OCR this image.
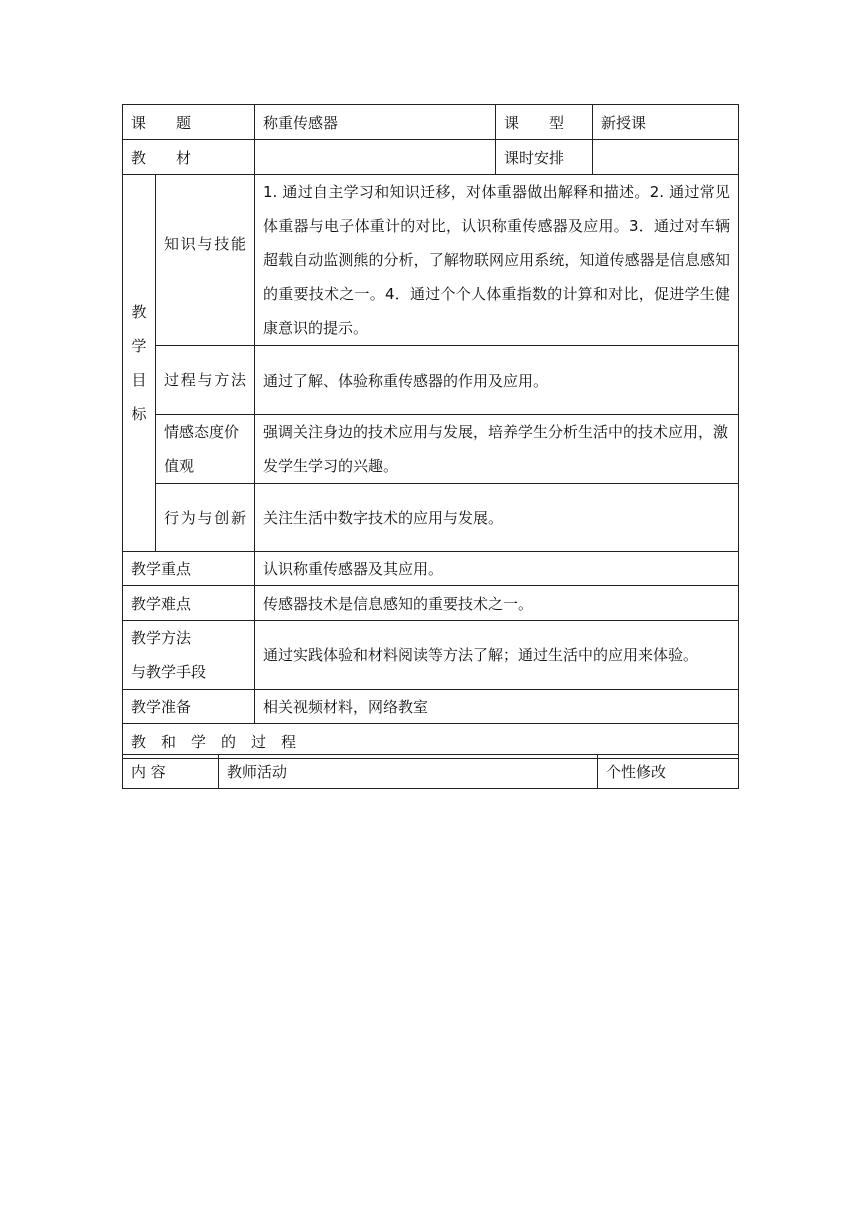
课　　题		称重传感器	课　　型	新授课
教　　材			课时安排	

教
学
目
标	知识与技能	1. 通过自主学习和知识迁移，对体重器做出解释和描述。2. 通过常见体重器与电子体重计的对比，认识称重传感器及应用。3．通过对车辆超载自动监测熊的分析，了解物联网应用系统，知道传感器是信息感知的重要技术之一。4．通过个个人体重指数的计算和对比，促进学生健康意识的提示。		
	过程与方法	通过了解、体验称重传感器的作用及应用。		
	情感态度价值观	强调关注身边的技术应用与发展，培养学生分析生活中的技术应用，激发学生学习的兴趣。		
	行为与创新	关注生活中数字技术的应用与发展。		
教学重点		认识称重传感器及其应用。		
教学难点		传感器技术是信息感知的重要技术之一。		

教学方法
与教学手段		通过实践体验和材料阅读等方法了解；通过生活中的应用来体验。		
教学准备		相关视频材料，网络教室		
教　和　学　的　过　程				
内 容	教师活动	个性修改
